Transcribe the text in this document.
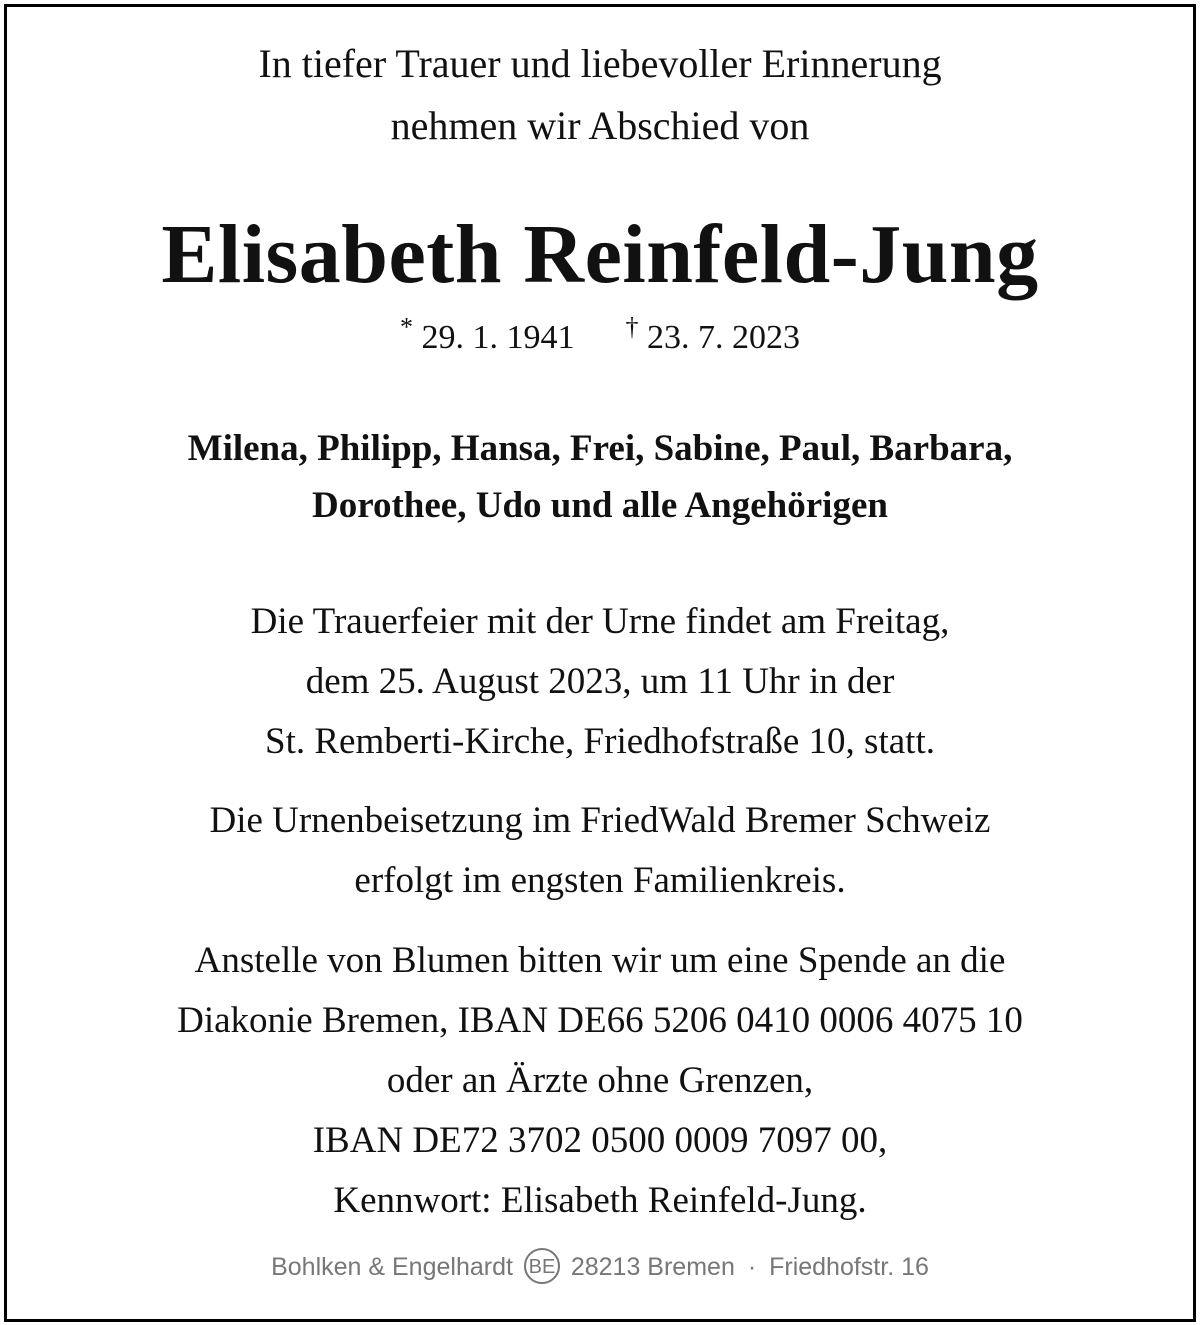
In tiefer Trauer und liebevoller Erinnerung
nehmen wir Abschied von
Elisabeth Reinfeld-Jung
* 29. 1. 1941 † 23. 7. 2023
Milena, Philipp, Hansa, Frei, Sabine, Paul, Barbara,
Dorothee, Udo und alle Angehörigen
Die Trauerfeier mit der Urne findet am Freitag,
dem 25. August 2023, um 11 Uhr in der
St. Remberti-Kirche, Friedhofstraße 10, statt.
Die Urnenbeisetzung im FriedWald Bremer Schweiz
erfolgt im engsten Familienkreis.
Anstelle von Blumen bitten wir um eine Spende an die
Diakonie Bremen, IBAN DE66 5206 0410 0006 4075 10
oder an Ärzte ohne Grenzen,
IBAN DE72 3702 0500 0009 7097 00,
Kennwort: Elisabeth Reinfeld-Jung.
Bohlken & Engelhardt BE 28213 Bremen · Friedhofstr. 16
